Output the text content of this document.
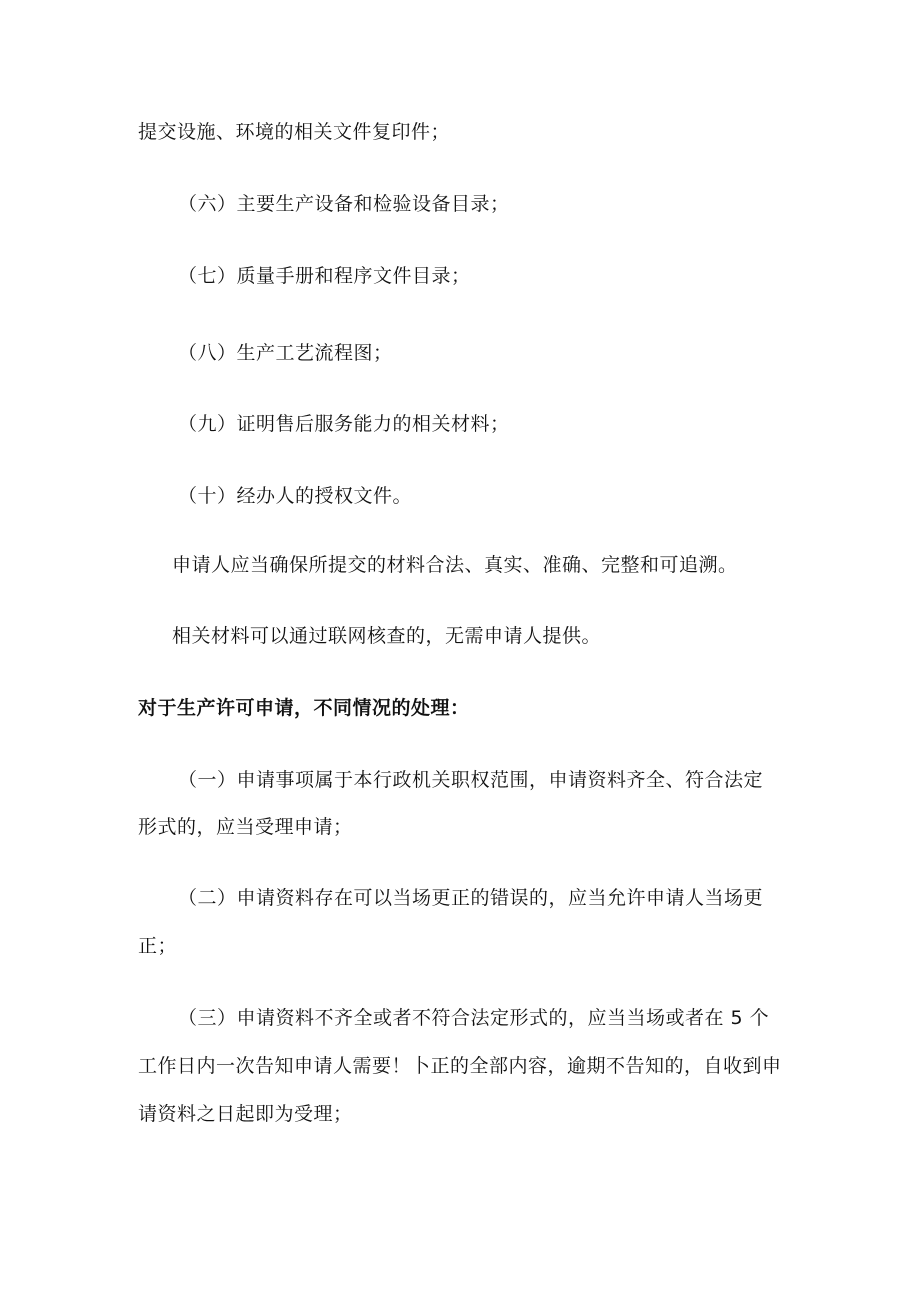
提交设施、环境的相关文件复印件；
（六）主要生产设备和检验设备目录；
（七）质量手册和程序文件目录；
（八）生产工艺流程图；
（九）证明售后服务能力的相关材料；
（十）经办人的授权文件。
申请人应当确保所提交的材料合法、真实、准确、完整和可追溯。
相关材料可以通过联网核查的，无需申请人提供。
对于生产许可申请，不同情况的处理：
（一）申请事项属于本行政机关职权范围，申请资料齐全、符合法定
形式的，应当受理申请；
（二）申请资料存在可以当场更正的错误的，应当允许申请人当场更
正；
（三）申请资料不齐全或者不符合法定形式的，应当当场或者在 5 个
工作日内一次告知申请人需要！卜正的全部内容，逾期不告知的，自收到申
请资料之日起即为受理；
